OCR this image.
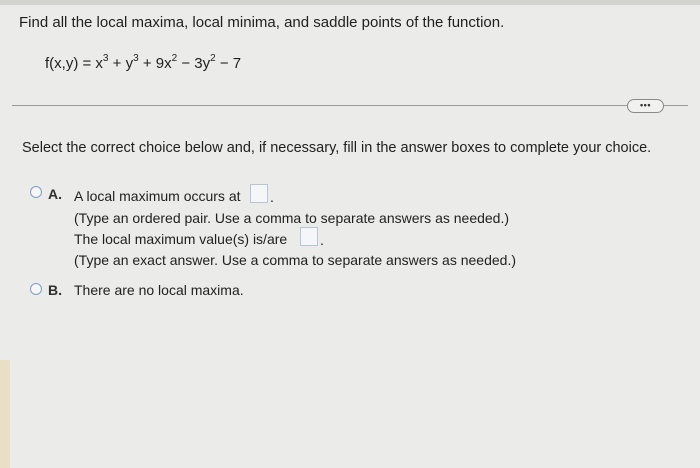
Find all the local maxima, local minima, and saddle points of the function.
$f(x,y) = x^3 + y^3 + 9x^2 - 3y^2 - 7$
•••
Select the correct choice below and, if necessary, fill in the answer boxes to complete your choice.
A. A local maximum occurs at .
(Type an ordered pair. Use a comma to separate answers as needed.)
The local maximum value(s) is/are .
(Type an exact answer. Use a comma to separate answers as needed.)
B. There are no local maxima.
